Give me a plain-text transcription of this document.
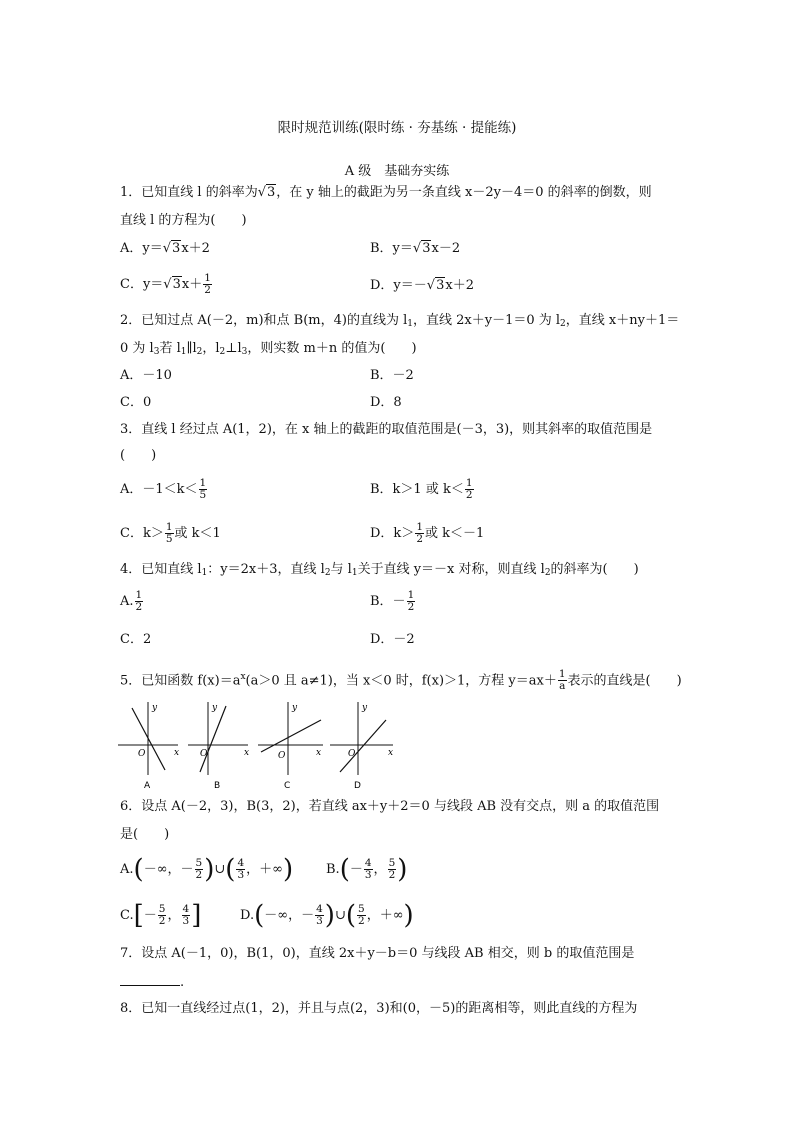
限时规范训练(限时练 · 夯基练 · 提能练)
A 级　基础夯实练
1．已知直线 l 的斜率为√3，在 y 轴上的截距为另一条直线 x－2y－4＝0 的斜率的倒数，则
直线 l 的方程为(　　)
A．y＝√3x＋2	B．y＝√3x－2
C．$y=√3x+ \frac{1}{2}$	D．y＝－√3x＋2
2．已知过点 A(－2，m)和点 B(m，4)的直线为 $l_1$，直线 2x＋y－1＝0 为 $l_2$，直线 x＋ny＋1＝
0 为 $l_3$若 $l_1\parallel l_2$，$l_2\perp l_3$，则实数 m＋n 的值为(　　)
A．－10	B．－2
C．0	D．8
3．直线 l 经过点 A(1，2)，在 x 轴上的截距的取值范围是(－3，3)，则其斜率的取值范围是
(　　)
A．$-1<k< \frac{1}{5}$	B．k＞1 或 $k< \frac{1}{2}$
C．$k> \frac{1}{5}$ 或 k＜1	D．$k> \frac{1}{2}$ 或 k＜－1
4．已知直线 $l_1$：y＝2x＋3，直线 $l_2$与 $l_1$关于直线 y＝－x 对称，则直线 $l_2$的斜率为(　　)
A. $\frac{1}{2}$	B．－ $\frac{1}{2}$
C．2	D．－2
5．已知函数 $f(x)=a^x(a>0$ 且 a≠1)，当 x＜0 时，f(x)＞1，方程 $y=ax+ \frac{1}{a}$ 表示的直线是(　　)
y
x
O
A
y
x
O
B
y
x
O
C
y
x
O
D
6．设点 A(－2，3)，B(3，2)，若直线 ax＋y＋2＝0 与线段 AB 没有交点，则 a 的取值范围
是(　　)
A.(－∞，－ $\frac{5}{2}$ )∪( $\frac{4}{3}$ ，＋∞)	$B.(- \frac{4}{3}$ ， $\frac{5}{2}$ )
$C.[- \frac{5}{2}$ ， $\frac{4}{3}$ ]	D.(－∞，－ $\frac{4}{3}$ )∪( $\frac{5}{2}$ ，＋∞)
7．设点 A(－1，0)，B(1，0)，直线 2x＋y－b＝0 与线段 AB 相交，则 b 的取值范围是
.
8．已知一直线经过点(1，2)，并且与点(2，3)和(0，－5)的距离相等，则此直线的方程为
